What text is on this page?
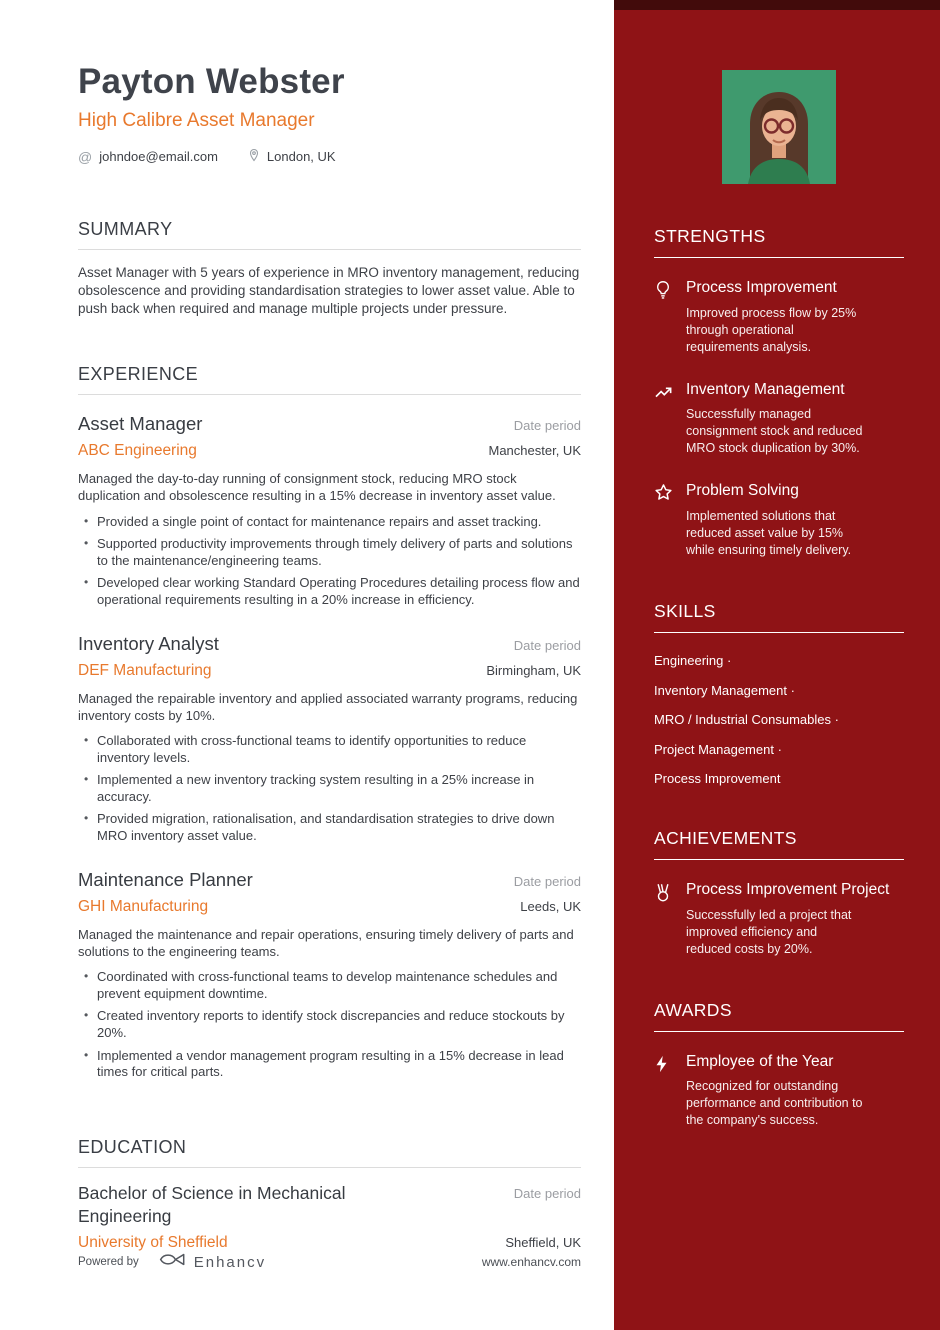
Payton Webster
High Calibre Asset Manager
@ johndoe@email.com	London, UK
SUMMARY

Asset Manager with 5 years of experience in MRO inventory management, reducing obsolescence and providing standardisation strategies to lower asset value. Able to push back when required and manage multiple projects under pressure.

EXPERIENCE
Asset Manager	Date period
ABC Engineering	Manchester, UK

Managed the day-to-day running of consignment stock, reducing MRO stock duplication and obsolescence resulting in a 15% decrease in inventory asset value.

• Provided a single point of contact for maintenance repairs and asset tracking.
• Supported productivity improvements through timely delivery of parts and solutions to the maintenance/engineering teams.
• Developed clear working Standard Operating Procedures detailing process flow and operational requirements resulting in a 20% increase in efficiency.
Inventory Analyst	Date period
DEF Manufacturing	Birmingham, UK

Managed the repairable inventory and applied associated warranty programs, reducing inventory costs by 10%.

• Collaborated with cross-functional teams to identify opportunities to reduce inventory levels.
• Implemented a new inventory tracking system resulting in a 25% increase in accuracy.
• Provided migration, rationalisation, and standardisation strategies to drive down MRO inventory asset value.
Maintenance Planner	Date period
GHI Manufacturing	Leeds, UK

Managed the maintenance and repair operations, ensuring timely delivery of parts and solutions to the engineering teams.

• Coordinated with cross-functional teams to develop maintenance schedules and prevent equipment downtime.
• Created inventory reports to identify stock discrepancies and reduce stockouts by 20%.
• Implemented a vendor management program resulting in a 15% decrease in lead times for critical parts.
EDUCATION
Bachelor of Science in Mechanical Engineering
Date period
University of Sheffield	Sheffield, UK
Powered by	Enhancv	www.enhancv.com
STRENGTHS
Process Improvement
Improved process flow by 25% through operational requirements analysis.
Inventory Management
Successfully managed consignment stock and reduced MRO stock duplication by 30%.
Problem Solving
Implemented solutions that reduced asset value by 15% while ensuring timely delivery.
SKILLS
Engineering ·
Inventory Management ·
MRO / Industrial Consumables ·
Project Management ·
Process Improvement
ACHIEVEMENTS
Process Improvement Project
Successfully led a project that improved efficiency and reduced costs by 20%.
AWARDS
Employee of the Year
Recognized for outstanding performance and contribution to the company's success.
